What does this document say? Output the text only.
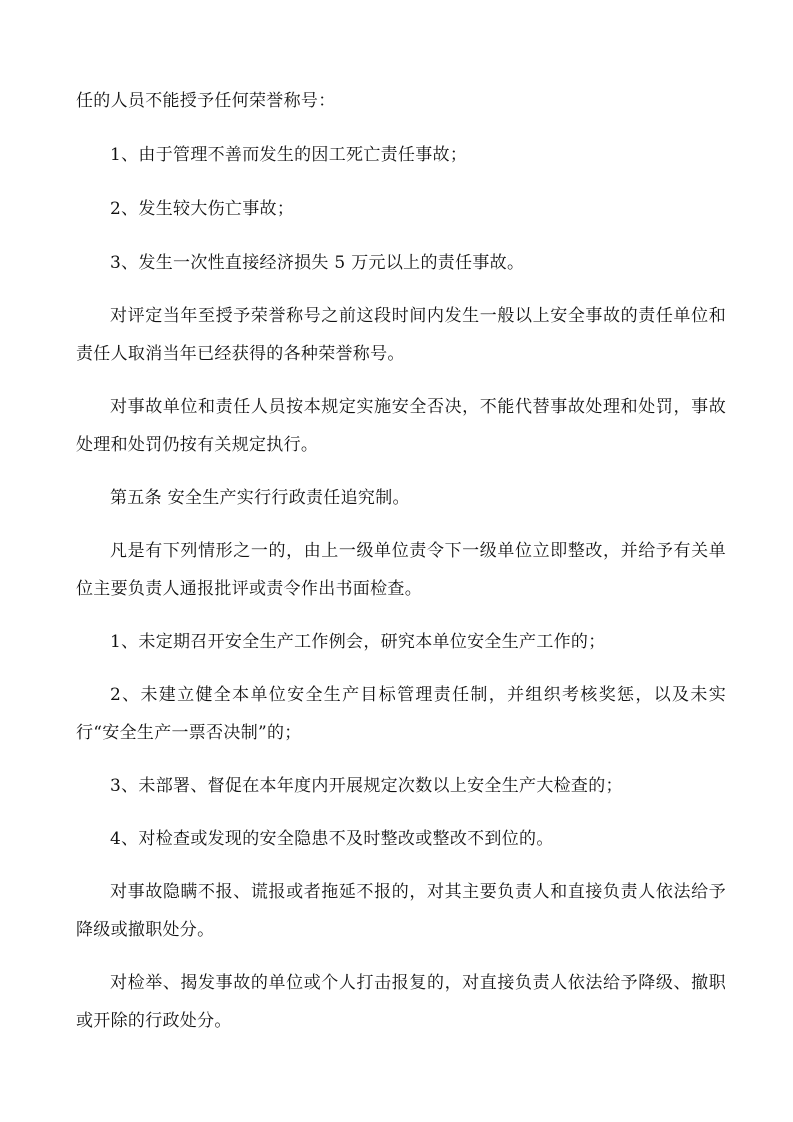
任的人员不能授予任何荣誉称号：

1、由于管理不善而发生的因工死亡责任事故；

2、发生较大伤亡事故；

3、发生一次性直接经济损失 5 万元以上的责任事故。

对评定当年至授予荣誉称号之前这段时间内发生一般以上安全事故的责任单位和责任人取消当年已经获得的各种荣誉称号。

对事故单位和责任人员按本规定实施安全否决，不能代替事故处理和处罚，事故处理和处罚仍按有关规定执行。

第五条 安全生产实行行政责任追究制。

凡是有下列情形之一的，由上一级单位责令下一级单位立即整改，并给予有关单位主要负责人通报批评或责令作出书面检查。

1、未定期召开安全生产工作例会，研究本单位安全生产工作的；

2、未建立健全本单位安全生产目标管理责任制，并组织考核奖惩，以及未实行“安全生产一票否决制”的；

3、未部署、督促在本年度内开展规定次数以上安全生产大检查的；

4、对检查或发现的安全隐患不及时整改或整改不到位的。

对事故隐瞒不报、谎报或者拖延不报的，对其主要负责人和直接负责人依法给予降级或撤职处分。

对检举、揭发事故的单位或个人打击报复的，对直接负责人依法给予降级、撤职或开除的行政处分。
